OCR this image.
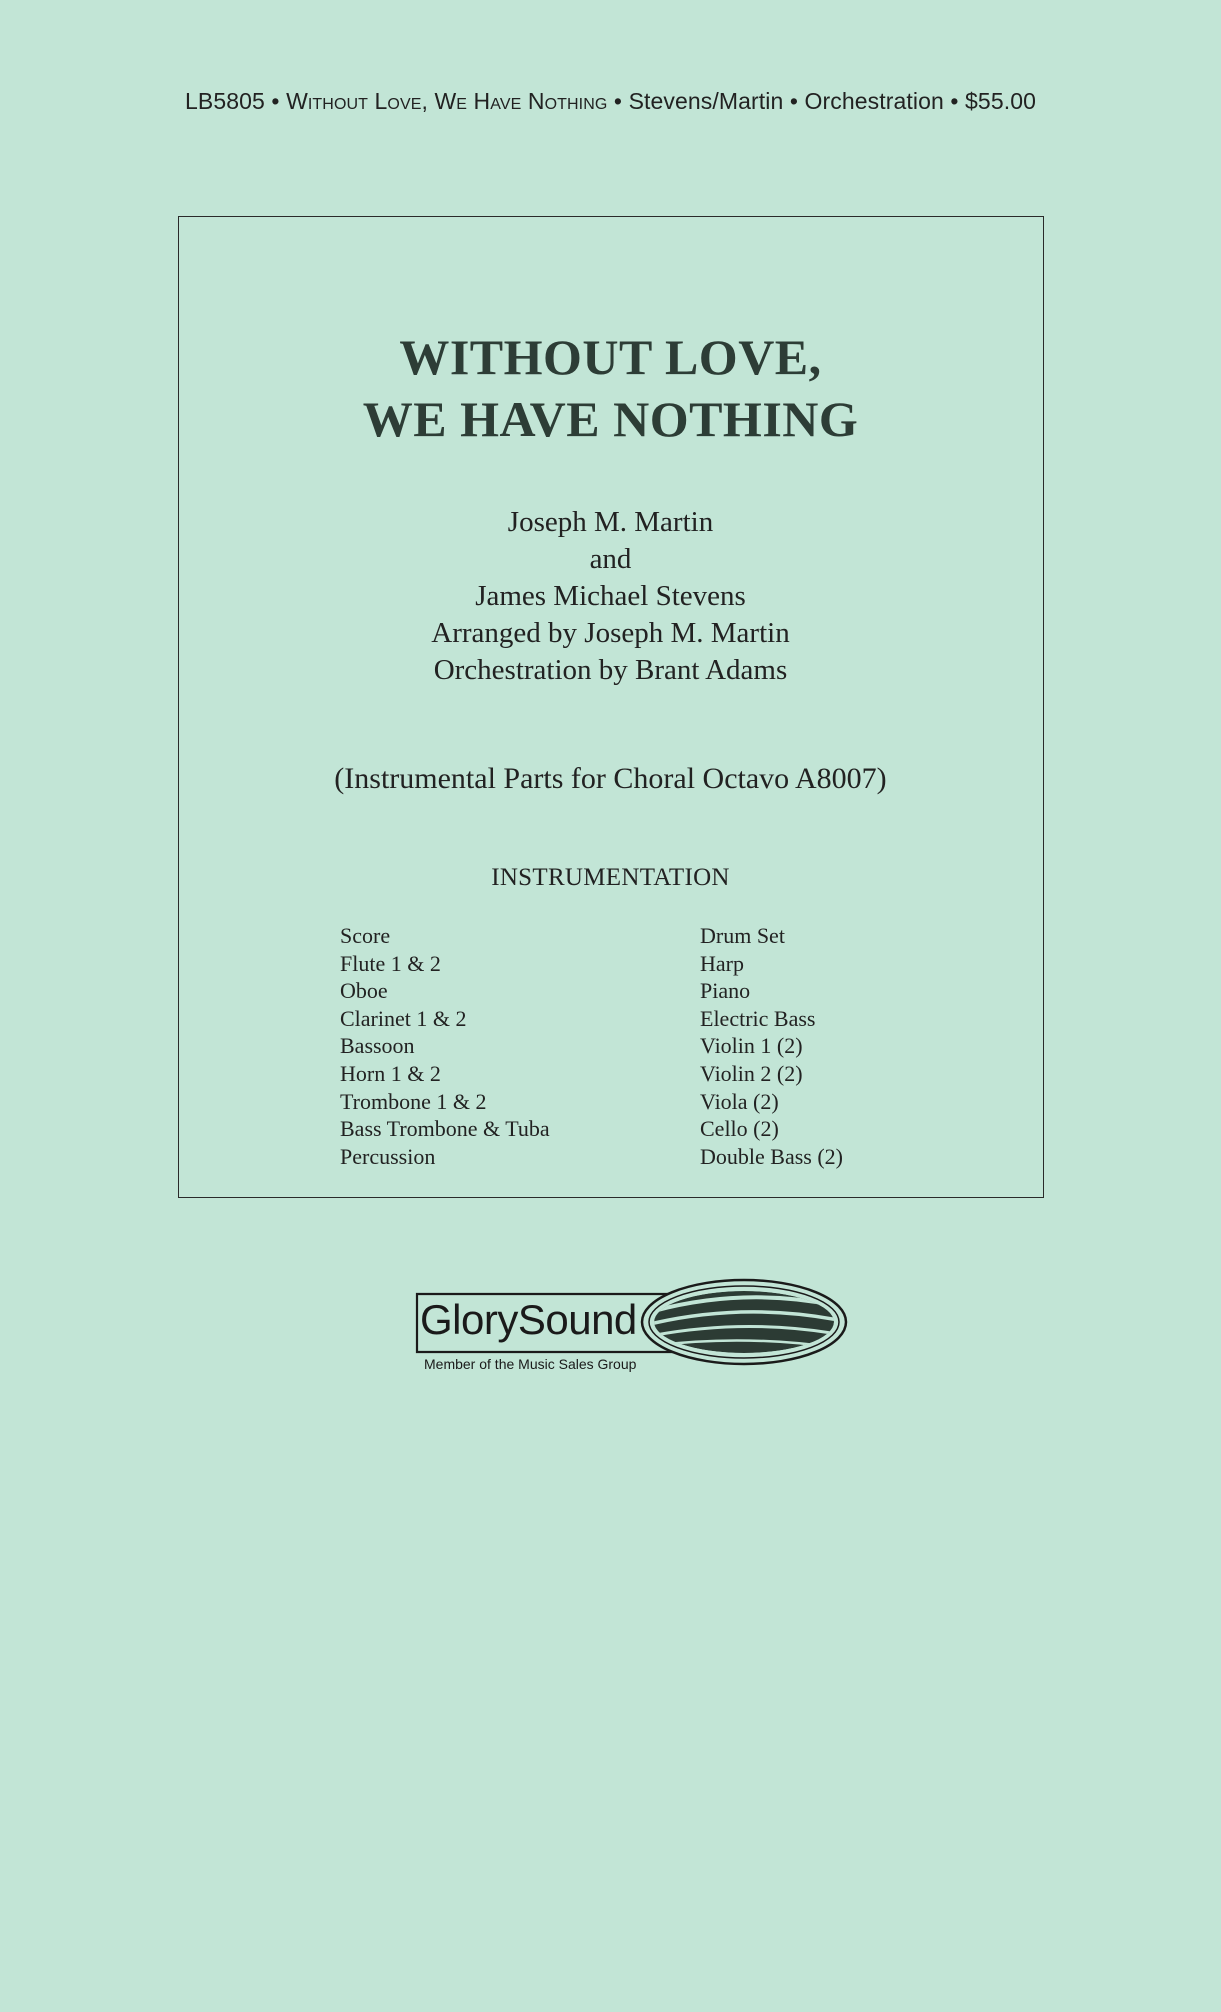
LB5805 • Without Love, We Have Nothing • Stevens/Martin • Orchestration • $55.00
WITHOUT LOVE,
WE HAVE NOTHING
Joseph M. Martin
and
James Michael Stevens
Arranged by Joseph M. Martin
Orchestration by Brant Adams
(Instrumental Parts for Choral Octavo A8007)
INSTRUMENTATION
Score
Flute 1 & 2
Oboe
Clarinet 1 & 2
Bassoon
Horn 1 & 2
Trombone 1 & 2
Bass Trombone & Tuba
Percussion
Drum Set
Harp
Piano
Electric Bass
Violin 1 (2)
Violin 2 (2)
Viola (2)
Cello (2)
Double Bass (2)
GlorySound
Member of the Music Sales Group
